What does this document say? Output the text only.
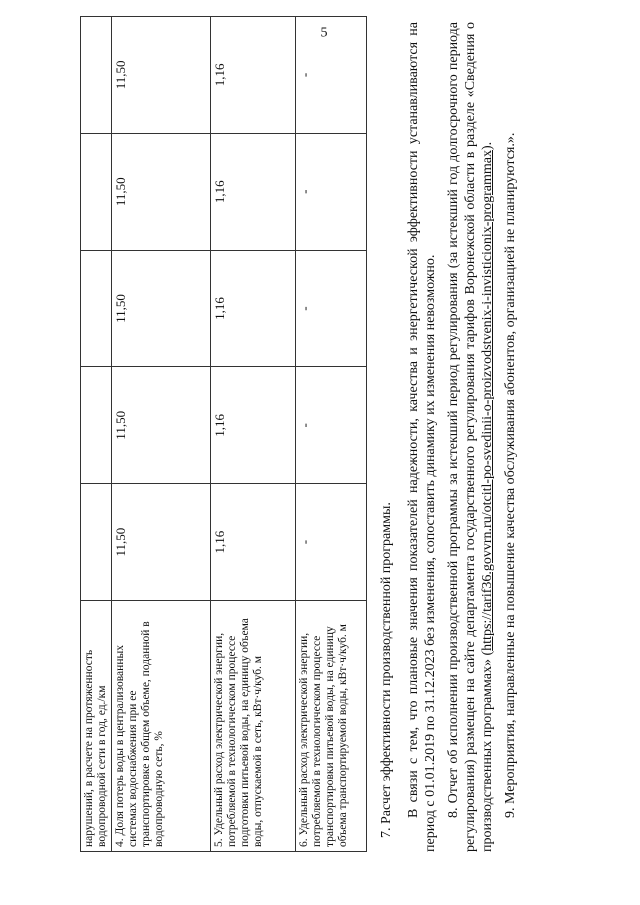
5
нарушений, в расчете на протяженность водопроводной сети в год, ед./км					
4. Доля потерь воды в централизованных системах водоснабжения при ее транспортировке в общем объеме, поданной в водопроводную сеть, %	11,50	11,50	11,50	11,50	11,50
5. Удельный расход электрической энергии, потребляемой в технологическом процессе подготовки питьевой воды, на единицу объема воды, отпускаемой в сеть, кВт·ч/куб. м	1,16	1,16	1,16	1,16	1,16
6. Удельный расход электрической энергии, потребляемой в технологическом процессе транспортировки питьевой воды, на единицу объема транспортируемой воды, кВт·ч/куб. м	-	-	-	-	-

7. Расчет эффективности производственной программы. В связи с тем, что плановые значения показателей надежности, качества и энергетической эффективности устанавливаются на период с 01.01.2019 по 31.12.2023 без изменения, сопоставить динамику их изменения невозможно. 8. Отчет об исполнении производственной программы за истекший период регулирования (за истекший год долгосрочного периода регулирования) размещен на сайте департамента государственного регулирования тарифов Воронежской области в разделе «Сведения о производственных программах» (https://tarif36.govvrn.ru/otcitl-po-svedinii-o-proizvodstvenix-i-invisticionix-programmax). 9. Мероприятия, направленные на повышение качества обслуживания абонентов, организацией не планируются.».
